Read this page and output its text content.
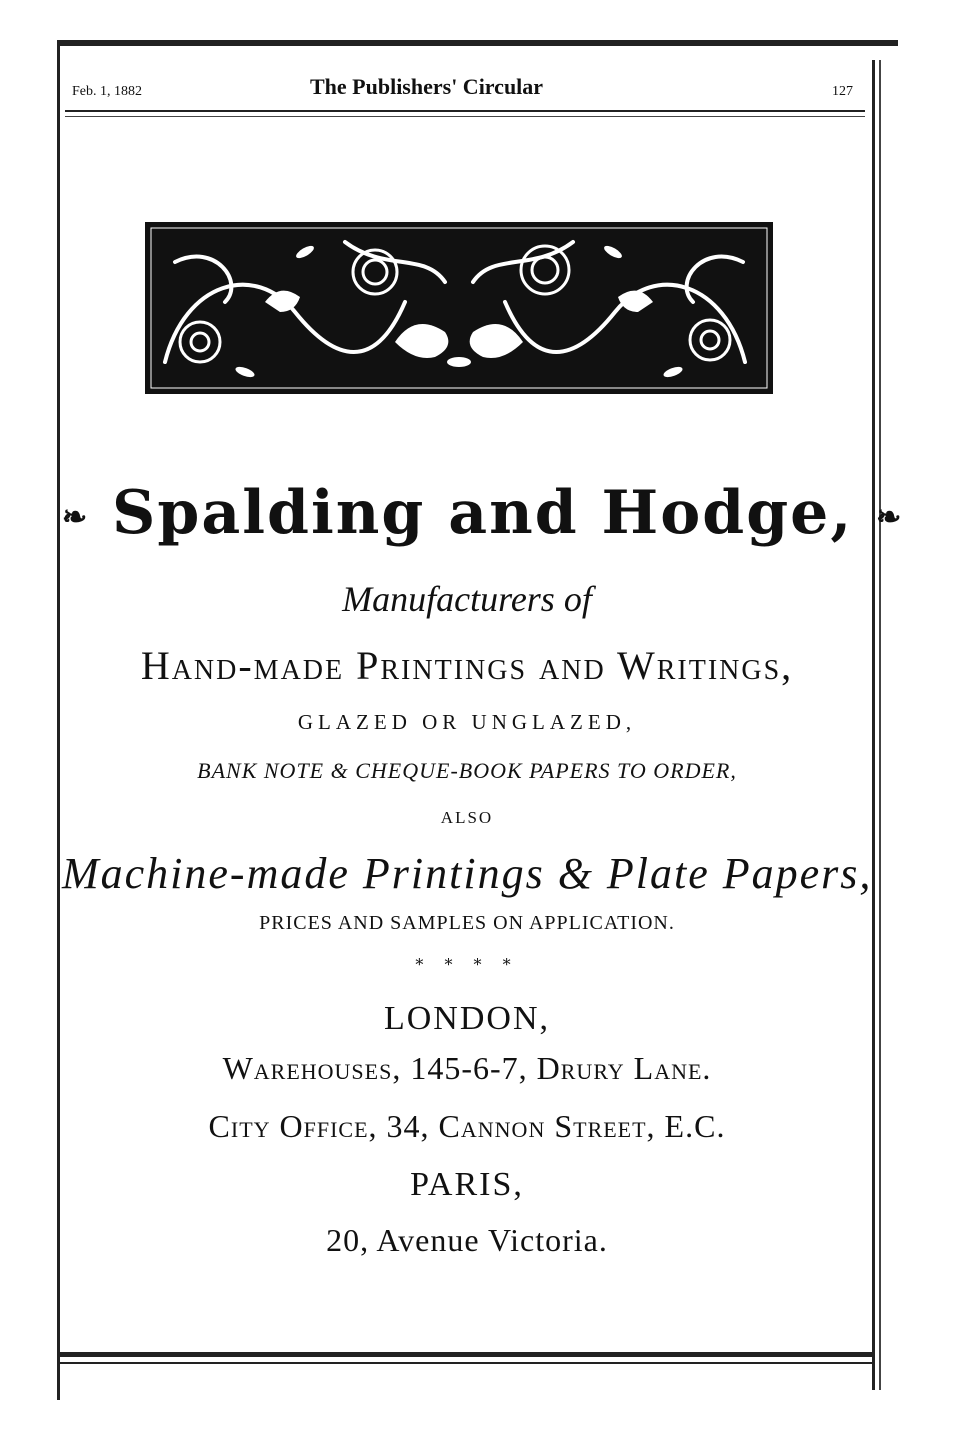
Feb. 1, 1882	The Publishers' Circular	127
❧ Spalding and Hodge, ❧
Manufacturers of
Hand-made Printings and Writings,
GLAZED OR UNGLAZED,
BANK NOTE & CHEQUE-BOOK PAPERS TO ORDER,
ALSO
Machine-made Printings & Plate Papers,
PRICES AND SAMPLES ON APPLICATION.
* * * *
LONDON,
Warehouses, 145-6-7, Drury Lane.
City Office, 34, Cannon Street, E.C.
PARIS,
20, Avenue Victoria.
